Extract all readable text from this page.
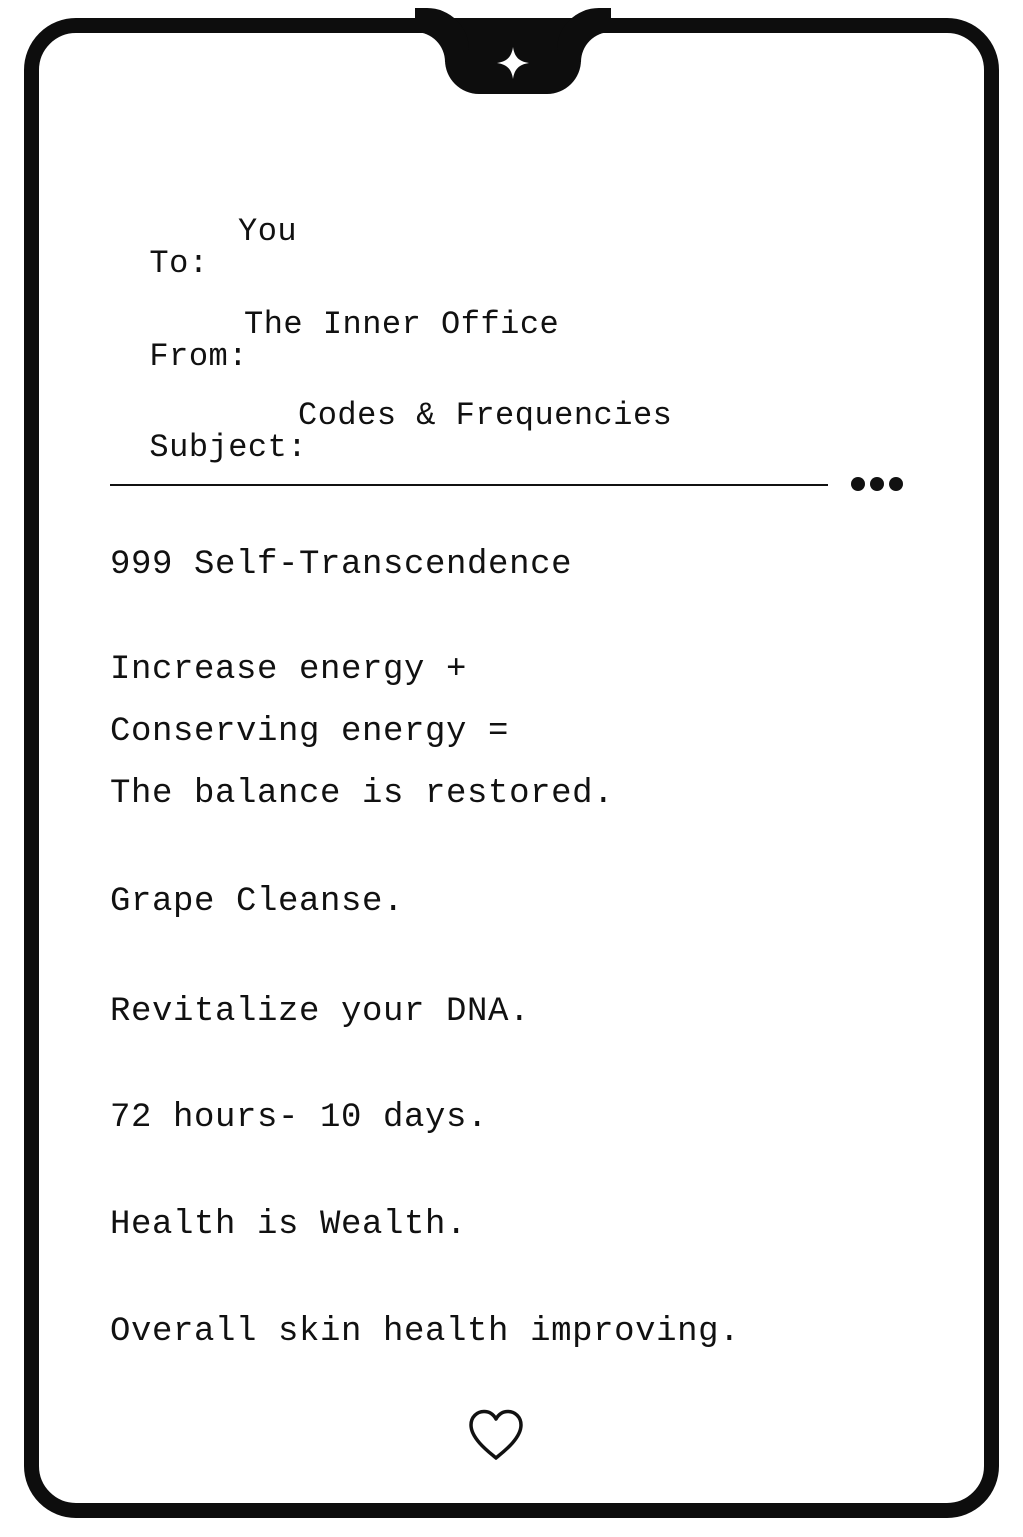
To:

You

From:

The Inner Office

Subject:

Codes & Frequencies

999 Self-Transcendence
Increase energy +
Conserving energy =
The balance is restored.
Grape Cleanse.
Revitalize your DNA.
72 hours- 10 days.
Health is Wealth.
Overall skin health improving.
